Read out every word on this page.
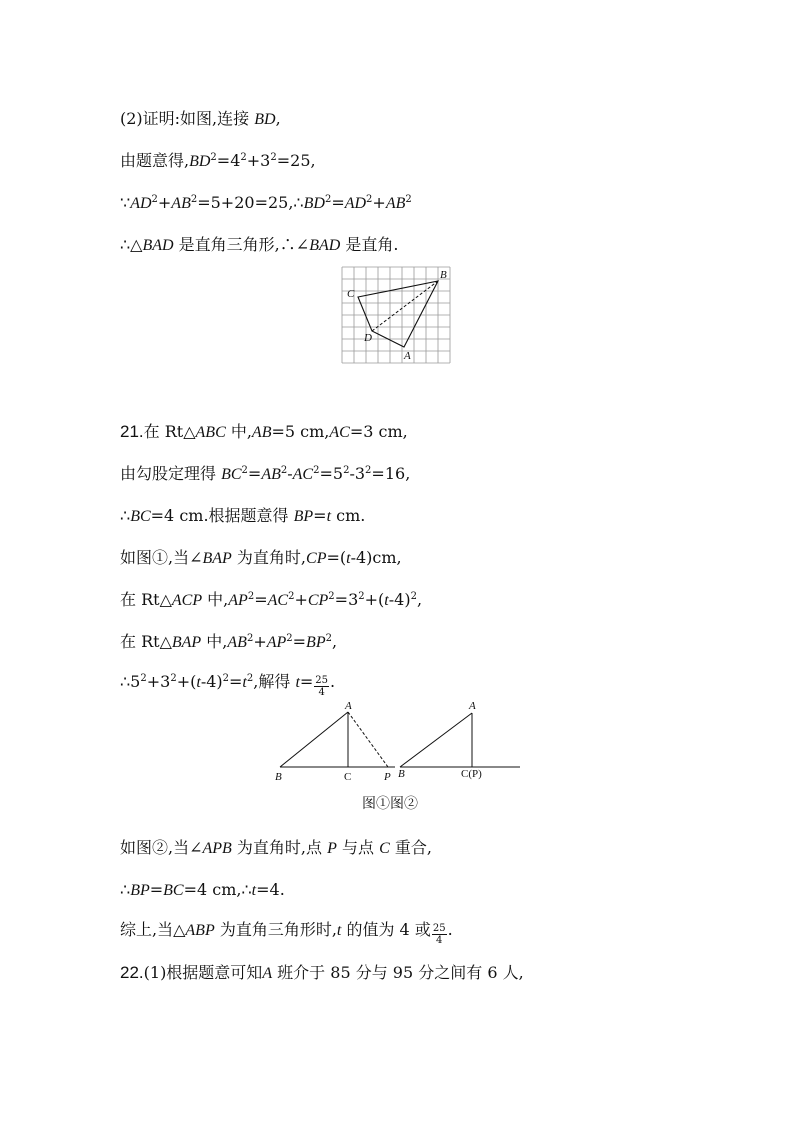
(2)证明:如图,连接 BD,
由题意得$,BD^2=4^2+3^2=25$,
$\because AD^2+AB^2=5+20=25,\therefore BD^2=AD^2+AB^2$
∴△BAD 是直角三角形,∴∠BAD 是直角.
B
C
D
A
21.在 Rt△ABC 中,AB=5 cm,AC=3 cm,
由勾股定理得 $BC^2=AB^2-AC^2=5^2-3^2=16$,
∴BC=4 cm.根据题意得 BP=t cm.
如图①,当∠BAP 为直角时,CP=(t-4)cm,
在 Rt△ACP 中$,AP^2=AC^2+CP^2=3^2+(t-4)^2$,
在 Rt△BAP 中$,AB^2+AP^2=BP^2$,
$\therefore 5^2+3^2+(t-4)^2=t^2$,解得 $t= \frac{25}{4}$ .
A
B	C	P
A
B	C(P)
图①图②
如图②,当∠APB 为直角时,点 P 与点 C 重合,
∴BP=BC=4 cm,∴t=4.
综上,当△ABP 为直角三角形时,t 的值为 4 或 $\frac{25}{4}$ .
22.(1)根据题意可知A 班介于 85 分与 95 分之间有 6 人,
